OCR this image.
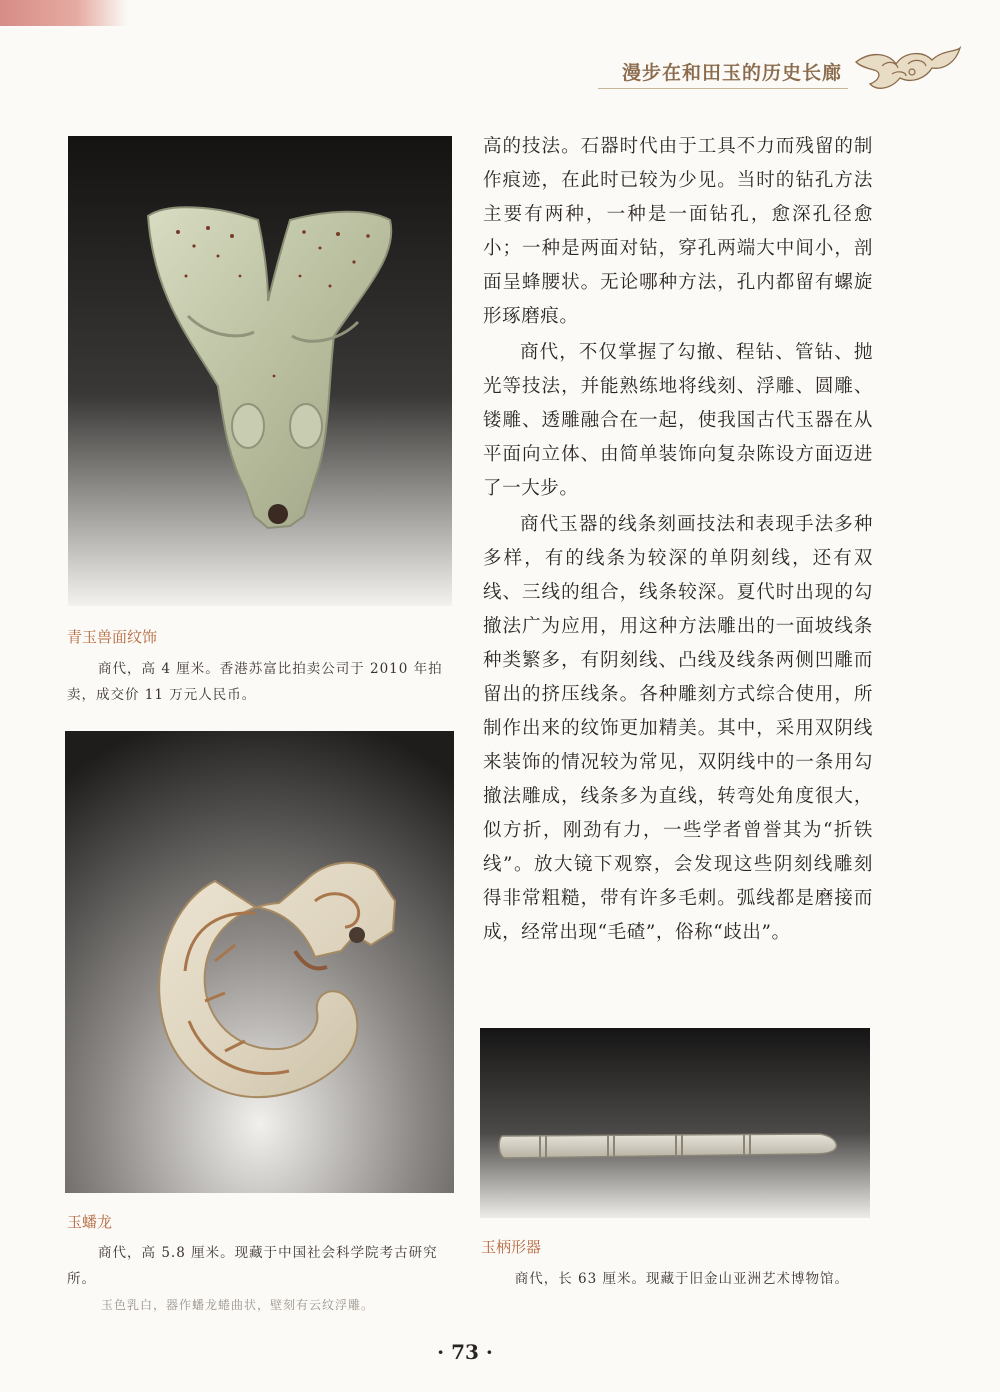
漫步在和田玉的历史长廊
青玉兽面纹饰
商代，高 4 厘米。香港苏富比拍卖公司于 2010 年拍卖，成交价 11 万元人民币。
玉蟠龙
商代，高 5.8 厘米。现藏于中国社会科学院考古研究所。
玉色乳白，器作蟠龙蜷曲状，壁刻有云纹浮雕。

高的技法。石器时代由于工具不力而残留的制作痕迹，在此时已较为少见。当时的钻孔方法主要有两种，一种是一面钻孔，愈深孔径愈小；一种是两面对钻，穿孔两端大中间小，剖面呈蜂腰状。无论哪种方法，孔内都留有螺旋形琢磨痕。

商代，不仅掌握了勾撤、程钻、管钻、抛光等技法，并能熟练地将线刻、浮雕、圆雕、镂雕、透雕融合在一起，使我国古代玉器在从平面向立体、由简单装饰向复杂陈设方面迈进了一大步。

商代玉器的线条刻画技法和表现手法多种多样，有的线条为较深的单阴刻线，还有双线、三线的组合，线条较深。夏代时出现的勾撤法广为应用，用这种方法雕出的一面坡线条种类繁多，有阴刻线、凸线及线条两侧凹雕而留出的挤压线条。各种雕刻方式综合使用，所制作出来的纹饰更加精美。其中，采用双阴线来装饰的情况较为常见，双阴线中的一条用勾撤法雕成，线条多为直线，转弯处角度很大，似方折，刚劲有力，一些学者曾誉其为“折铁线”。放大镜下观察，会发现这些阴刻线雕刻得非常粗糙，带有许多毛刺。弧线都是磨接而成，经常出现“毛碴”，俗称“歧出”。

玉柄形器
商代，长 63 厘米。现藏于旧金山亚洲艺术博物馆。
· 73 ·
